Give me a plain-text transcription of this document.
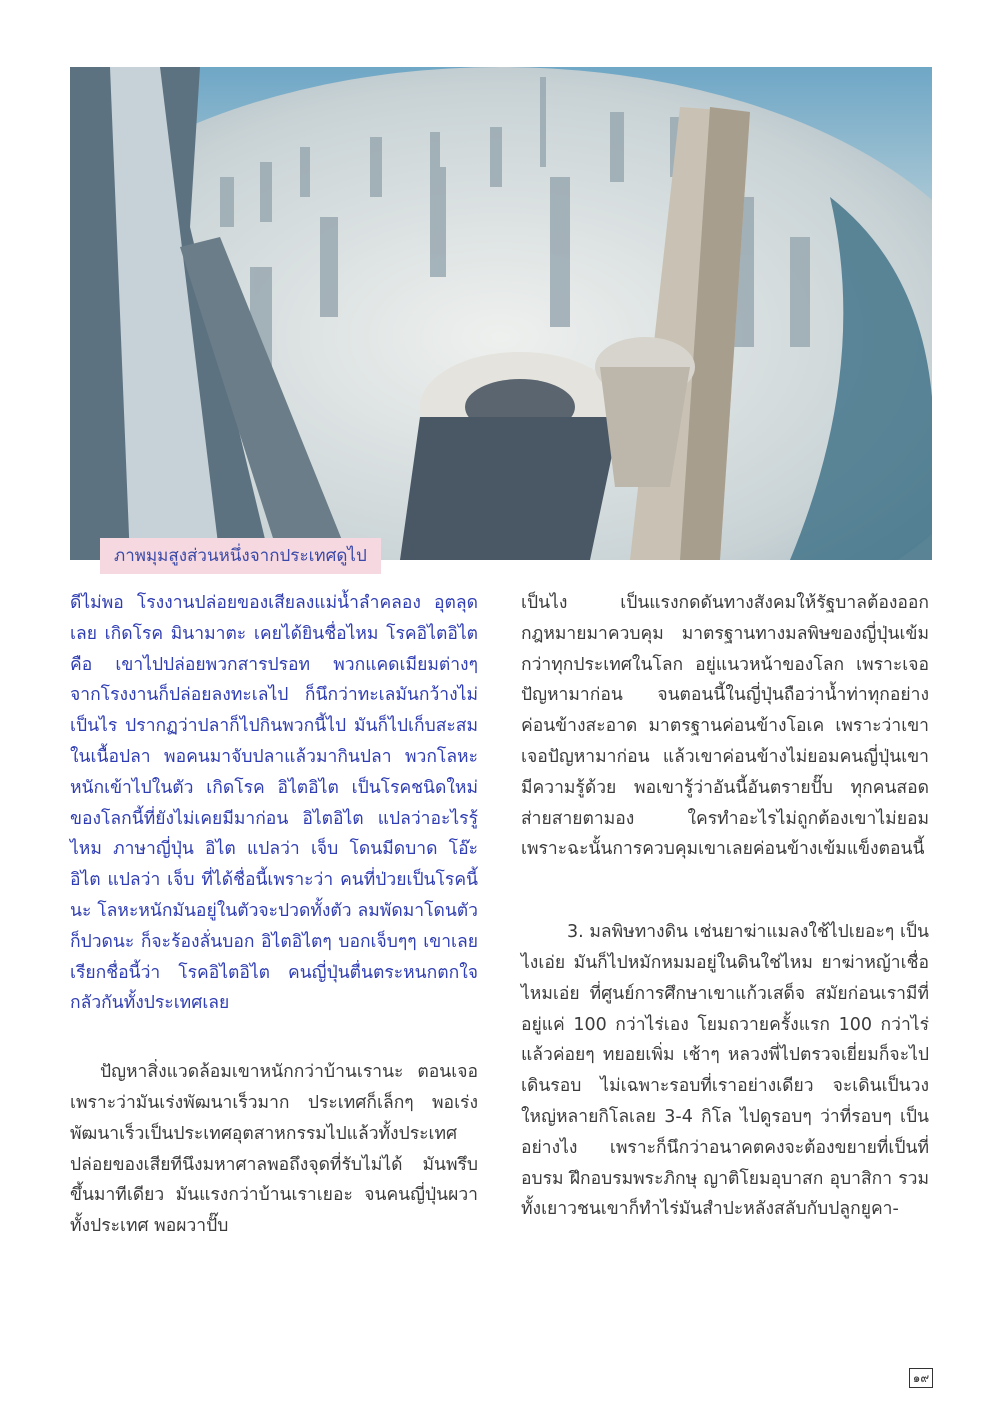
ภาพมุมสูงส่วนหนึ่งจากประเทศดูไป

ดีไม่พอ โรงงานปล่อยของเสียลงแม่น้ำลำคลอง อุตลุดเลย เกิดโรค มินามาตะ เคยได้ยินชื่อไหม โรคอิไตอิไต คือ เขาไปปล่อยพวกสารปรอท พวกแคดเมียมต่างๆ จากโรงงานก็ปล่อยลงทะเลไป ก็นึกว่าทะเลมันกว้างไม่เป็นไร ปรากฏว่าปลาก็ไปกินพวกนี้ไป มันก็ไปเก็บสะสมในเนื้อปลา พอคนมาจับปลาแล้วมากินปลา พวกโลหะหนักเข้าไปในตัว เกิดโรค อิไตอิไต เป็นโรคชนิดใหม่ของโลกนี้ที่ยังไม่เคยมีมาก่อน อิไตอิไต แปลว่าอะไรรู้ไหม ภาษาญี่ปุ่น อิไต แปลว่า เจ็บ โดนมีดบาด โอ๊ะ อิไต แปลว่า เจ็บ ที่ได้ชื่อนี้เพราะว่า คนที่ป่วยเป็นโรคนี้นะ โลหะหนักมันอยู่ในตัวจะปวดทั้งตัว ลมพัดมาโดนตัวก็ปวดนะ ก็จะร้องลั่นบอก อิไตอิไตๆ บอกเจ็บๆๆ เขาเลยเรียกชื่อนี้ว่า โรคอิไตอิไต คนญี่ปุ่นตื่นตระหนกตกใจกลัวกันทั้งประเทศเลย

ปัญหาสิ่งแวดล้อมเขาหนักกว่าบ้านเรานะ ตอนเจอ เพราะว่ามันเร่งพัฒนาเร็วมาก ประเทศก็เล็กๆ พอเร่งพัฒนาเร็วเป็นประเทศอุตสาหกรรมไปแล้วทั้งประเทศ ปล่อยของเสียทีนึงมหาศาลพอถึงจุดที่รับไม่ได้ มันพรึบขึ้นมาทีเดียว มันแรงกว่าบ้านเราเยอะ จนคนญี่ปุ่นผวาทั้งประเทศ พอผวาปั๊บ

เป็นไง เป็นแรงกดดันทางสังคมให้รัฐบาลต้องออกกฎหมายมาควบคุม มาตรฐานทางมลพิษของญี่ปุ่นเข้มกว่าทุกประเทศในโลก อยู่แนวหน้าของโลก เพราะเจอปัญหามาก่อน จนตอนนี้ในญี่ปุ่นถือว่าน้ำท่าทุกอย่างค่อนข้างสะอาด มาตรฐานค่อนข้างโอเค เพราะว่าเขาเจอปัญหามาก่อน แล้วเขาค่อนข้างไม่ยอมคนญี่ปุ่นเขามีความรู้ด้วย พอเขารู้ว่าอันนี้อันตรายปั๊บ ทุกคนสอดส่ายสายตามอง ใครทำอะไรไม่ถูกต้องเขาไม่ยอม เพราะฉะนั้นการควบคุมเขาเลยค่อนข้างเข้มแข็งตอนนี้

3. มลพิษทางดิน เช่นยาฆ่าแมลงใช้ไปเยอะๆ เป็นไงเอ่ย มันก็ไปหมักหมมอยู่ในดินใช่ไหม ยาฆ่าหญ้าเชื่อไหมเอ่ย ที่ศูนย์การศึกษาเขาแก้วเสด็จ สมัยก่อนเรามีที่อยู่แค่ 100 กว่าไร่เอง โยมถวายครั้งแรก 100 กว่าไร่ แล้วค่อยๆ ทยอยเพิ่ม เช้าๆ หลวงพี่ไปตรวจเยี่ยมก็จะไปเดินรอบ ไม่เฉพาะรอบที่เราอย่างเดียว จะเดินเป็นวงใหญ่หลายกิโลเลย 3-4 กิโล ไปดูรอบๆ ว่าที่รอบๆ เป็นอย่างไง เพราะก็นึกว่าอนาคตคงจะต้องขยายที่เป็นที่อบรม ฝึกอบรมพระภิกษุ ญาติโยมอุบาสก อุบาสิกา รวมทั้งเยาวชนเขาก็ทำไร่มันสำปะหลังสลับกับปลูกยูคา-

๑๙
